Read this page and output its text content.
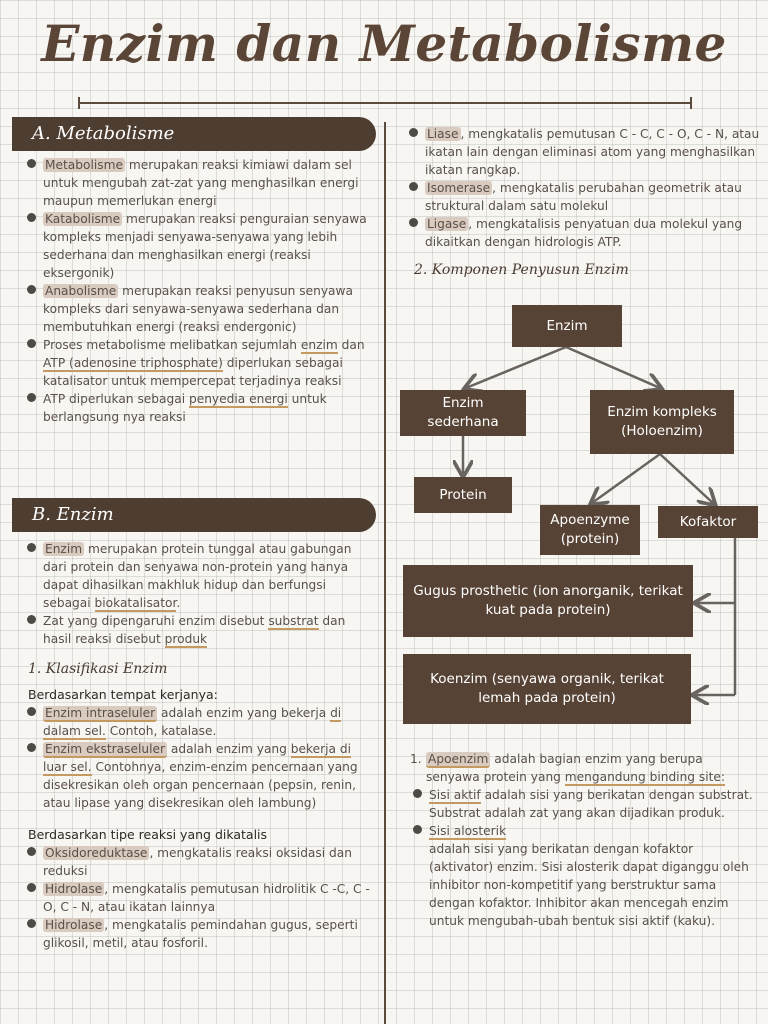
Enzim dan Metabolisme
A. Metabolisme
Metabolisme merupakan reaksi kimiawi dalam sel untuk mengubah zat-zat yang menghasilkan energi maupun memerlukan energi
Katabolisme merupakan reaksi penguraian senyawa kompleks menjadi senyawa-senyawa yang lebih sederhana dan menghasilkan energi (reaksi eksergonik)
Anabolisme merupakan reaksi penyusun senyawa kompleks dari senyawa-senyawa sederhana dan membutuhkan energi (reaksi endergonic)
Proses metabolisme melibatkan sejumlah enzim dan ATP (adenosine triphosphate) diperlukan sebagai katalisator untuk mempercepat terjadinya reaksi
ATP diperlukan sebagai penyedia energi untuk berlangsung nya reaksi
B. Enzim
Enzim merupakan protein tunggal atau gabungan dari protein dan senyawa non-protein yang hanya dapat dihasilkan makhluk hidup dan berfungsi sebagai biokatalisator.
Zat yang dipengaruhi enzim disebut substrat dan hasil reaksi disebut produk
1. Klasifikasi Enzim
Berdasarkan tempat kerjanya:
Enzim intraseluler adalah enzim yang bekerja di dalam sel. Contoh, katalase.
Enzim ekstraseluler adalah enzim yang bekerja di luar sel. Contohnya, enzim-enzim pencernaan yang disekresikan oleh organ pencernaan (pepsin, renin, atau lipase yang disekresikan oleh lambung)
Berdasarkan tipe reaksi yang dikatalis
Oksidoreduktase , mengkatalis reaksi oksidasi dan reduksi
Hidrolase , mengkatalis pemutusan hidrolitik C -C, C - O, C - N, atau ikatan lainnya
Hidrolase , mengkatalis pemindahan gugus, seperti glikosil, metil, atau fosforil.
Liase , mengkatalis pemutusan C - C, C - O, C - N, atau ikatan lain dengan eliminasi atom yang menghasilkan ikatan rangkap.
Isomerase , mengkatalis perubahan geometrik atau struktural dalam satu molekul
Ligase , mengkatalisis penyatuan dua molekul yang dikaitkan dengan hidrologis ATP.
2. Komponen Penyusun Enzim
Enzim
Enzim sederhana
Enzim kompleks (Holoenzim)
Protein
Apoenzyme (protein)
Kofaktor
Gugus prosthetic (ion anorganik, terikat kuat pada protein)
Koenzim (senyawa organik, terikat lemah pada protein)
1. Apoenzim adalah bagian enzim yang berupa senyawa protein yang mengandung binding site:
Sisi aktif adalah sisi yang berikatan dengan substrat. Substrat adalah zat yang akan dijadikan produk.
Sisi alosterik
adalah sisi yang berikatan dengan kofaktor (aktivator) enzim. Sisi alosterik dapat diganggu oleh inhibitor non-kompetitif yang berstruktur sama dengan kofaktor. Inhibitor akan mencegah enzim untuk mengubah-ubah bentuk sisi aktif (kaku).
